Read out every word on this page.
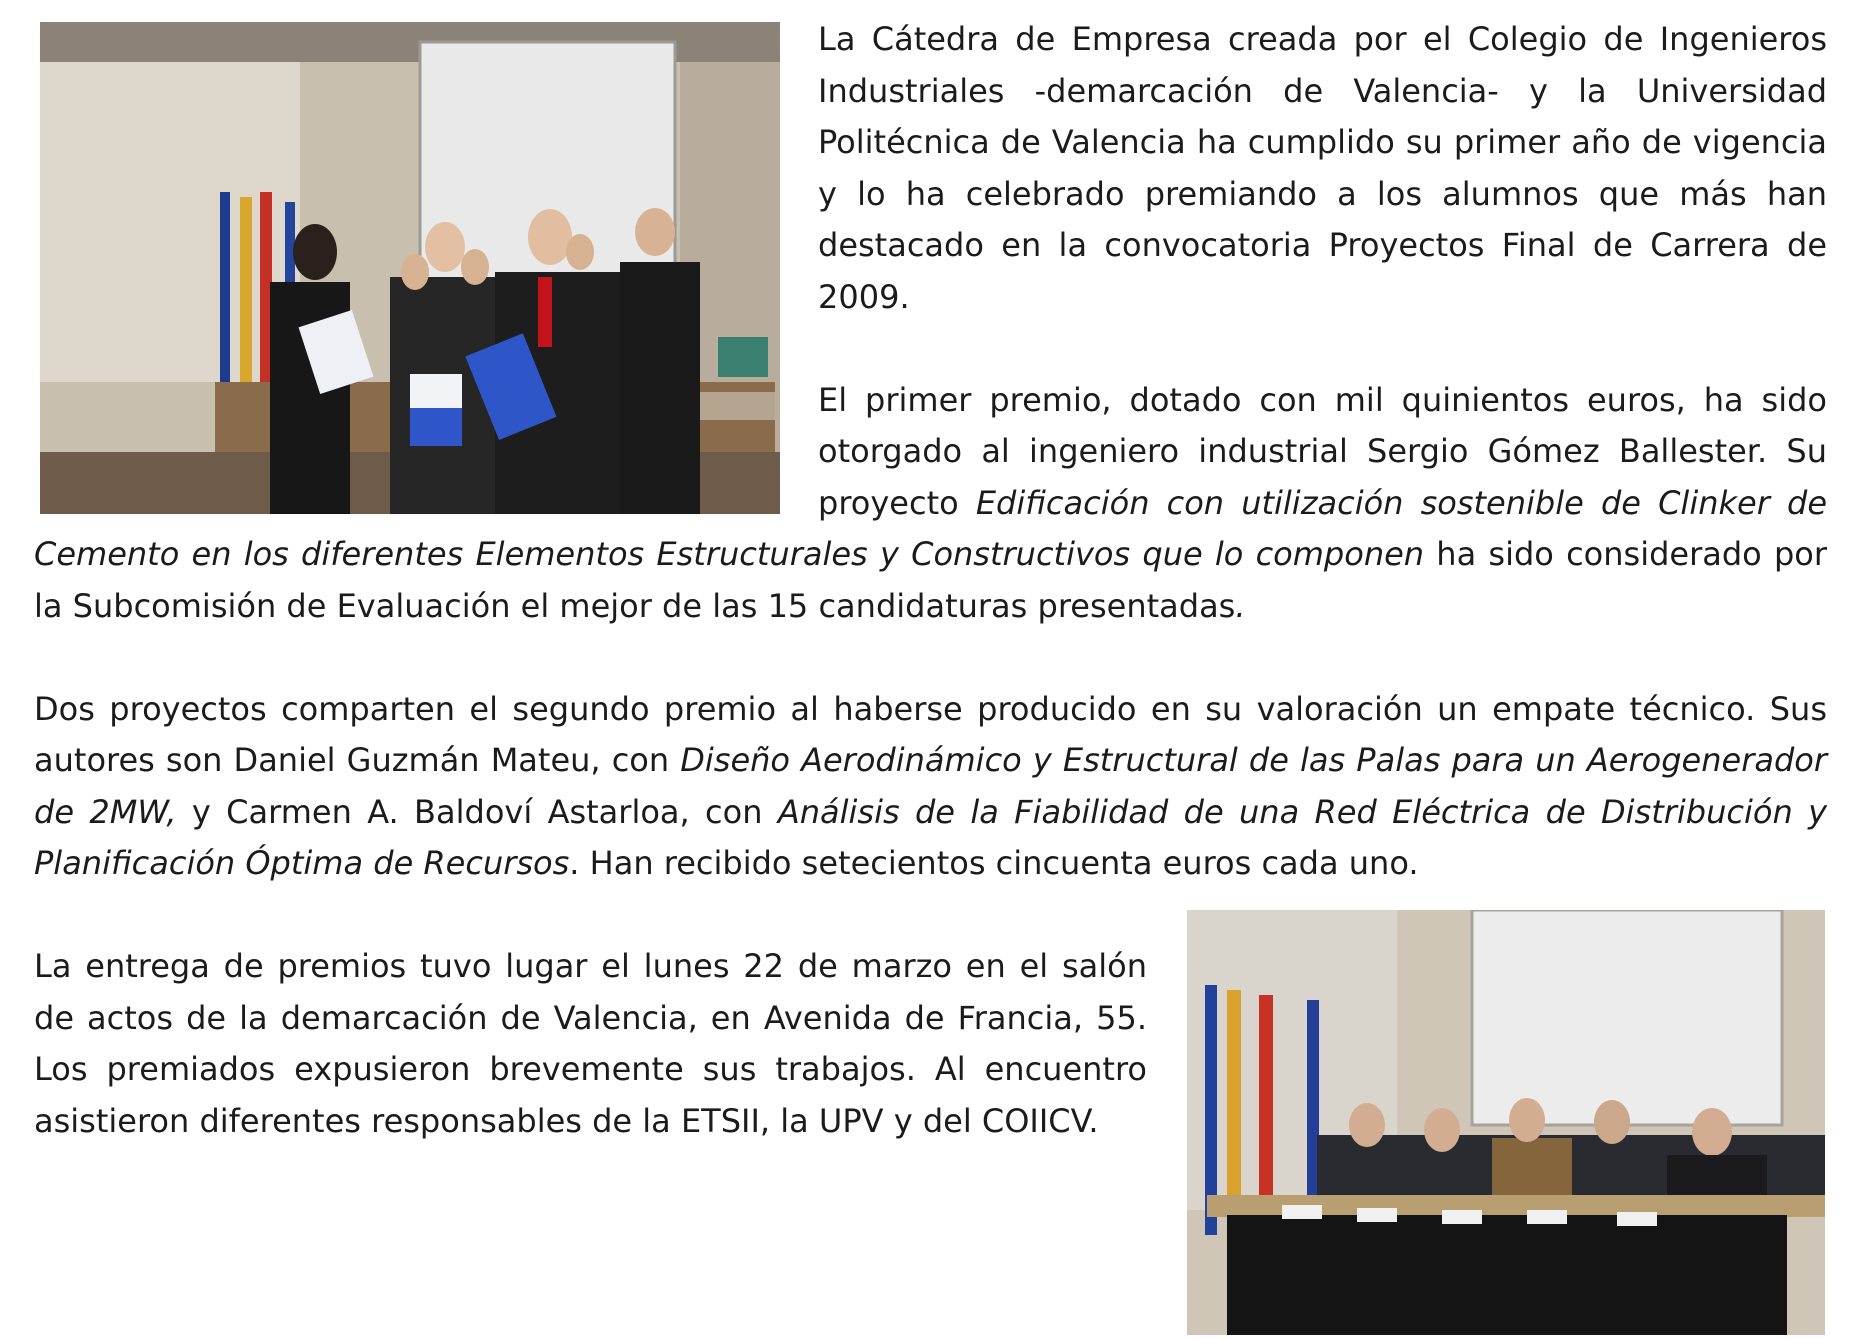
La Cátedra de Empresa creada por el Colegio de Ingenieros Industriales -demarcación de Valencia- y la Universidad Politécnica de Valencia ha cumplido su primer año de vigencia y lo ha celebrado premiando a los alumnos que más han destacado en la convocatoria Proyectos Final de Carrera de 2009.

El primer premio, dotado con mil quinientos euros, ha sido otorgado al ingeniero industrial Sergio Gómez Ballester. Su proyecto Edificación con utilización sostenible de Clinker de Cemento en los diferentes Elementos Estructurales y Constructivos que lo componen ha sido considerado por la Subcomisión de Evaluación el mejor de las 15 candidaturas presentadas.

Dos proyectos comparten el segundo premio al haberse producido en su valoración un empate técnico. Sus autores son Daniel Guzmán Mateu, con Diseño Aerodinámico y Estructural de las Palas para un Aerogenerador de 2MW, y Carmen A. Baldoví Astarloa, con Análisis de la Fiabilidad de una Red Eléctrica de Distribución y Planificación Óptima de Recursos. Han recibido setecientos cincuenta euros cada uno.

La entrega de premios tuvo lugar el lunes 22 de marzo en el salón de actos de la demarcación de Valencia, en Avenida de Francia, 55. Los premiados expusieron brevemente sus trabajos. Al encuentro asistieron diferentes responsables de la ETSII, la UPV y del COIICV.
